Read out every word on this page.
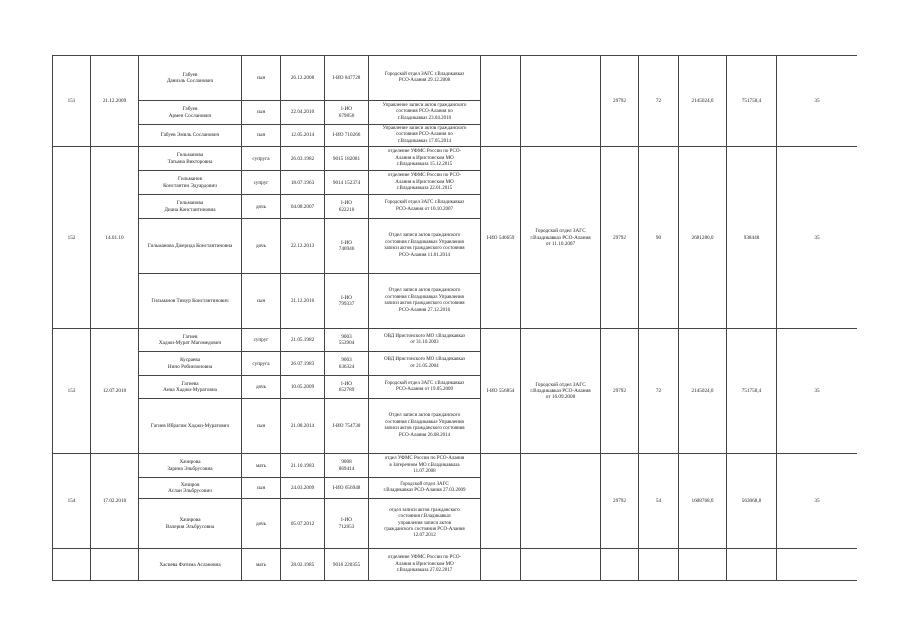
151	21.12.2009	Габуев
Даниэль Сосланович	сын	26.12.2008	I-ИО 847728	Городской отдел ЗАГС г.Владикавказ
РСО-Алания 29.12.2008			29792	72	2145024,0	751758,4	35
		Габуев
Армен Сосланович	сын	22.04.2010	I-ИО
679850	Управление записи актов гражданского
состояния РСО-Алания по
г.Владикавказ 23.04.2010							
		Габуев Эмиль Сосланович	сын	12.05.2014	I-ИО 710266	Управление записи актов гражданского
состояния РСО-Алания по
г.Владикавказ 17.05.2014							
152	14.01.10	Гильманова
Татьяна Викторовна	супруга	26.03.1982	9015 182081	отделение УФМС России по РСО-
Алания в Иристонском МО
г.Владикавказа 15.12.2015	I-ИО 546659	Городской отдел ЗАГС
г.Владикавказ РСО-Алания
от 11.10.2007	29792	90	2681280,0	938448	35
		Гильманов
Константин Эдуардович	супруг	18.07.1963	9014 152374	отделение УФМС России по РСО-
Алания в Иристонском МО
г.Владикавказа 22.01.2015							
		Гильманова
Диана Константиновна	дочь	04.08.2007	I-ИО
622210	Городской отдел ЗАГС г.Владикавказ
РСО-Алания от 10.10.2007							
		Гильманова Джерида Константиновна	дочь	22.12.2013	I-ИО
746946	Отдел записи актов гражданского
состояния г.Владикавказ Управления
записи актов гражданского состояния
РСО-Алания 11.01.2014							
		Гильманов Тимур Константинович	сын	21.12.2016	I-ИО
799337	Отдел записи актов гражданского
состояния г.Владикавказ Управления
записи актов гражданского состояния
РСО-Алания 27.12.2016							
153	12.07.2010	Гагиев
Хаджи-Мурат Магомедович	супруг	21.05.1982	9003
553904	ОВД Иристонского МО г.Владикавказ
от 31.10.2003	I-ИО 556854	Городской отдел ЗАГС
г.Владикавказ РСО-Алания
от 16.09.2008	29792	72	2145024,0	751758,4	35
		Кусраева
Нино Робинзоновна	супруга	26.07.1983	9003
636324	ОВД Иристонского МО г.Владикавказ
от 21.05.2004							
		Гагиева
Анна Хаджи-Муратовна	дочь	10.05.2009	I-ИО
652789	Городской отдел ЗАГС г.Владикавказ
РСО-Алания от 19.05.2009							
		Гагиев Ибрагим Хаджи-Муратович	сын	21.08.2014	I-ИО 754730	Отдел записи актов гражданского
состояния г.Владикавказ Управления
записи актов гражданского состояния
РСО-Алания 26.08.2014							
154	17.02.2010	Хачирова
Зарина Эльбрусовна	мать	21.10.1983	9008
869414	отдел УФМС России по РСО-Алания
в Затеречном МО г.Владикавказа
11.07.2008			29792	54	1608768,0	563068,8	35
		Хачиров
Аслан Эльбрусович	сын	24.03.2009	I-ИО 656948	Городской отдел ЗАГС
г.Владикавказ РСО-Алания 27.03.2009							
		Хачирова
Валерия Эльбрусовна	дочь	05.07.2012	I-ИО
712853	отдел записи актов гражданского
состояния г.Владикавказ
управления записи актов
гражданского состояния РСО-Алания
12.07.2012							
		Хасиева Фатима Аслановна	мать	28.02.1985	9016 220355	отделение УФМС России по РСО-
Алания в Иристонском МО
г.Владикавказа 27.02.2017							
